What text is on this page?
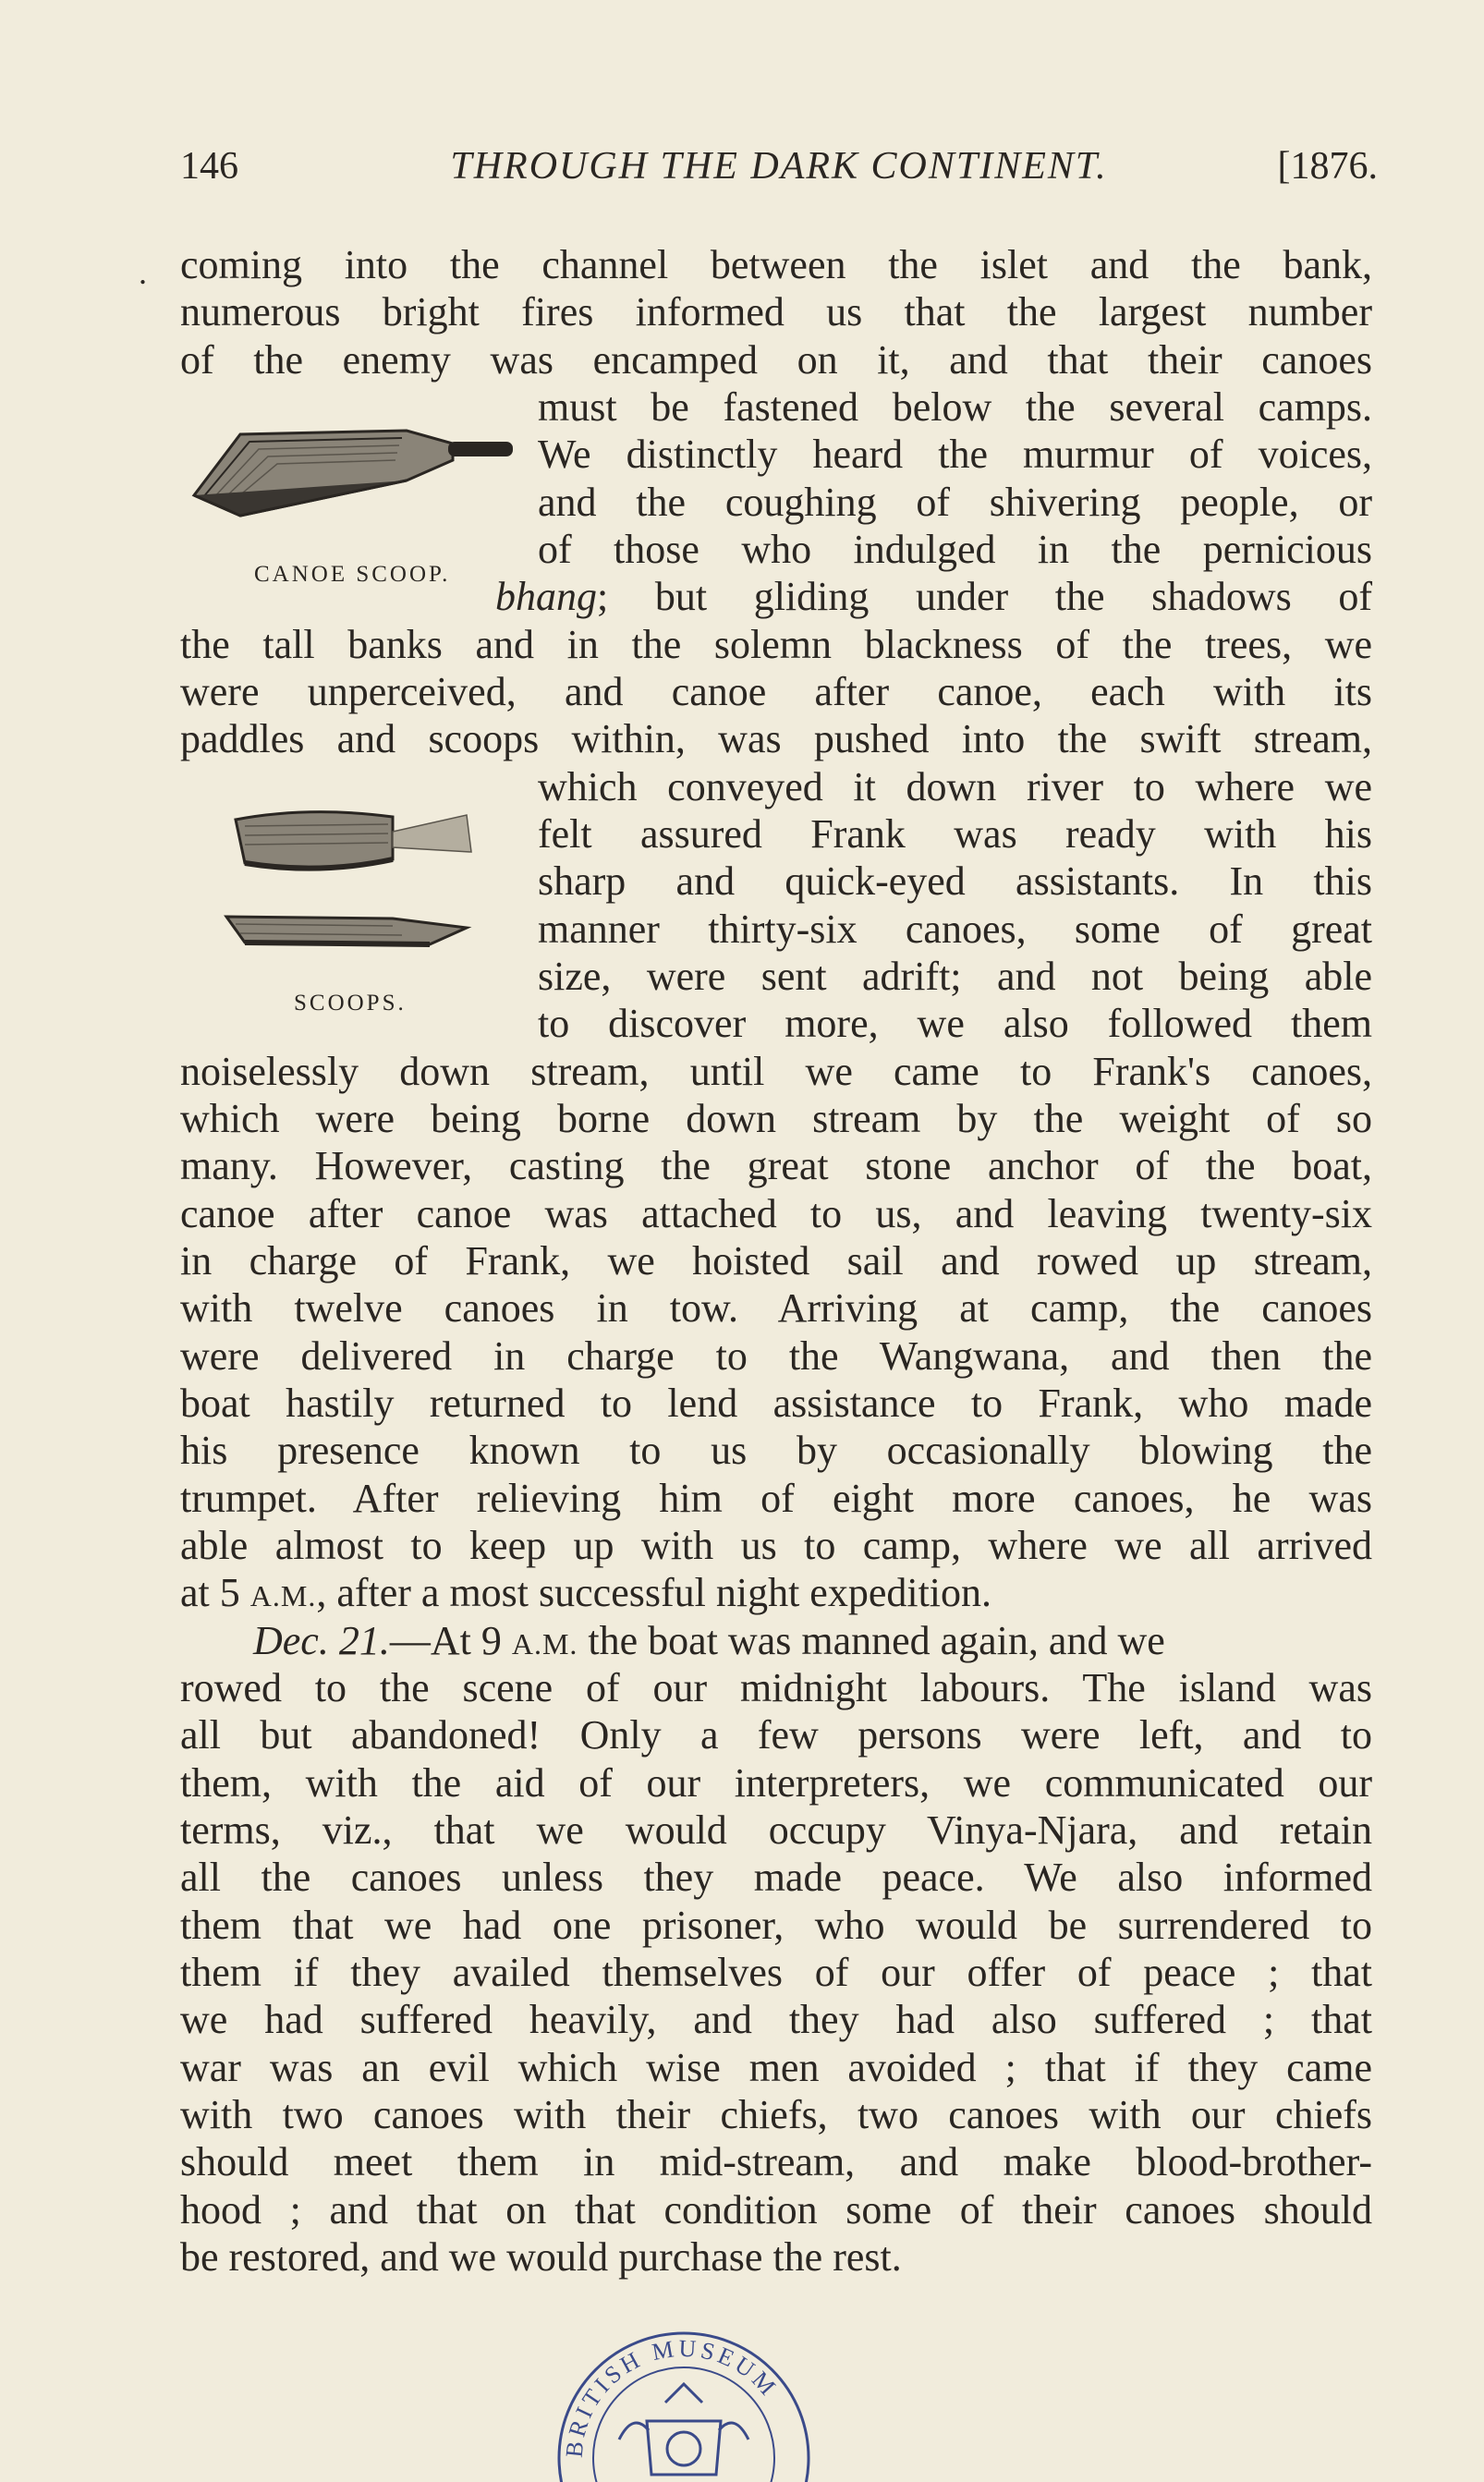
146	THROUGH THE DARK CONTINENT.	[1876.
.
CANOE SCOOP.
SCOOPS.
coming into the channel between the islet and the bank,
numerous bright fires informed us that the largest number
of the enemy was encamped on it, and that their canoes
must be fastened below the several camps.
We distinctly heard the murmur of voices,
and the coughing of shivering people, or
of those who indulged in the pernicious
bhang; but gliding under the shadows of
the tall banks and in the solemn blackness of the trees, we
were unperceived, and canoe after canoe, each with its
paddles and scoops within, was pushed into the swift stream,
which conveyed it down river to where we
felt assured Frank was ready with his
sharp and quick-eyed assistants. In this
manner thirty-six canoes, some of great
size, were sent adrift; and not being able
to discover more, we also followed them
noiselessly down stream, until we came to Frank's canoes,
which were being borne down stream by the weight of so
many. However, casting the great stone anchor of the boat,
canoe after canoe was attached to us, and leaving twenty-six
in charge of Frank, we hoisted sail and rowed up stream,
with twelve canoes in tow. Arriving at camp, the canoes
were delivered in charge to the Wangwana, and then the
boat hastily returned to lend assistance to Frank, who made
his presence known to us by occasionally blowing the
trumpet. After relieving him of eight more canoes, he was
able almost to keep up with us to camp, where we all arrived
at 5 A.M., after a most successful night expedition.
Dec. 21.—At 9 A.M. the boat was manned again, and we
rowed to the scene of our midnight labours. The island was
all but abandoned! Only a few persons were left, and to
them, with the aid of our interpreters, we communicated our
terms, viz., that we would occupy Vinya-Njara, and retain
all the canoes unless they made peace. We also informed
them that we had one prisoner, who would be surrendered to
them if they availed themselves of our offer of peace ; that
we had suffered heavily, and they had also suffered ; that
war was an evil which wise men avoided ; that if they came
with two canoes with their chiefs, two canoes with our chiefs
should meet them in mid-stream, and make blood-brother-
hood ; and that on that condition some of their canoes should
be restored, and we would purchase the rest.
BRITISH MUSEUM
